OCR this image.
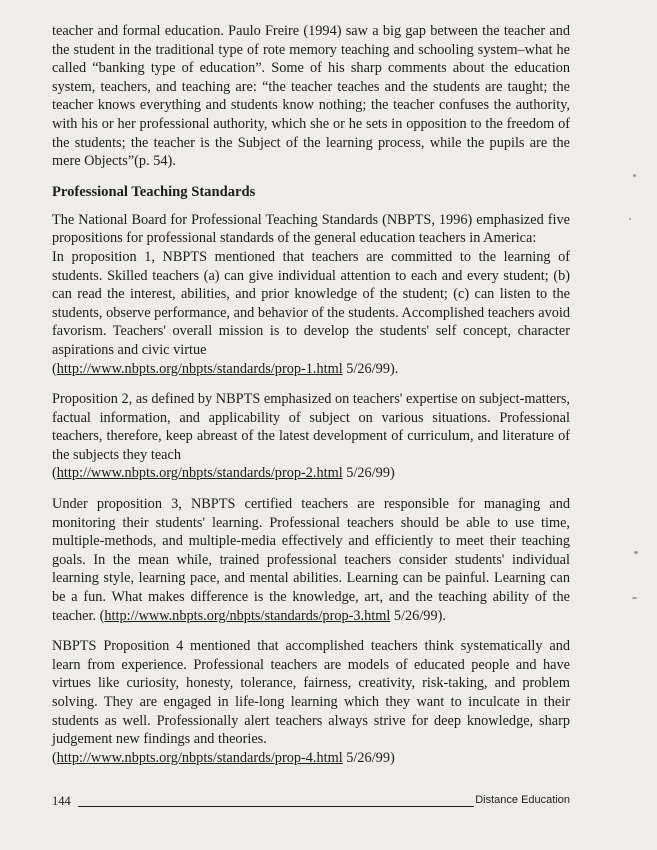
teacher and formal education. Paulo Freire (1994) saw a big gap between the teacher and the student in the traditional type of rote memory teaching and schooling system–what he called “banking type of education”. Some of his sharp comments about the education system, teachers, and teaching are: “the teacher teaches and the students are taught; the teacher knows everything and students know nothing; the teacher confuses the authority, with his or her professional authority, which she or he sets in opposition to the freedom of the students; the teacher is the Subject of the learning process, while the pupils are the mere Objects”(p. 54).

Professional Teaching Standards

The National Board for Professional Teaching Standards (NBPTS, 1996) emphasized five propositions for professional standards of the general education teachers in America:

In proposition 1, NBPTS mentioned that teachers are committed to the learning of students. Skilled teachers (a) can give individual attention to each and every student; (b) can read the interest, abilities, and prior knowledge of the student; (c) can listen to the students, observe performance, and behavior of the students. Accomplished teachers avoid favorism. Teachers' overall mission is to develop the students' self concept, character aspirations and civic virtue
(http://www.nbpts.org/nbpts/standards/prop-1.html 5/26/99).

Proposition 2, as defined by NBPTS emphasized on teachers' expertise on subject-matters, factual information, and applicability of subject on various situations. Professional teachers, therefore, keep abreast of the latest development of curriculum, and literature of the subjects they teach
(http://www.nbpts.org/nbpts/standards/prop-2.html 5/26/99)

Under proposition 3, NBPTS certified teachers are responsible for managing and monitoring their students' learning. Professional teachers should be able to use time, multiple-methods, and multiple-media effectively and efficiently to meet their teaching goals. In the mean while, trained professional teachers consider students' individual learning style, learning pace, and mental abilities. Learning can be painful. Learning can be a fun. What makes difference is the knowledge, art, and the teaching ability of the teacher. (http://www.nbpts.org/nbpts/standards/prop-3.html 5/26/99).

NBPTS Proposition 4 mentioned that accomplished teachers think systematically and learn from experience. Professional teachers are models of educated people and have virtues like curiosity, honesty, tolerance, fairness, creativity, risk-taking, and problem solving. They are engaged in life-long learning which they want to inculcate in their students as well. Professionally alert teachers always strive for deep knowledge, sharp judgement new findings and theories.
(http://www.nbpts.org/nbpts/standards/prop-4.html 5/26/99)

144	Distance Education
